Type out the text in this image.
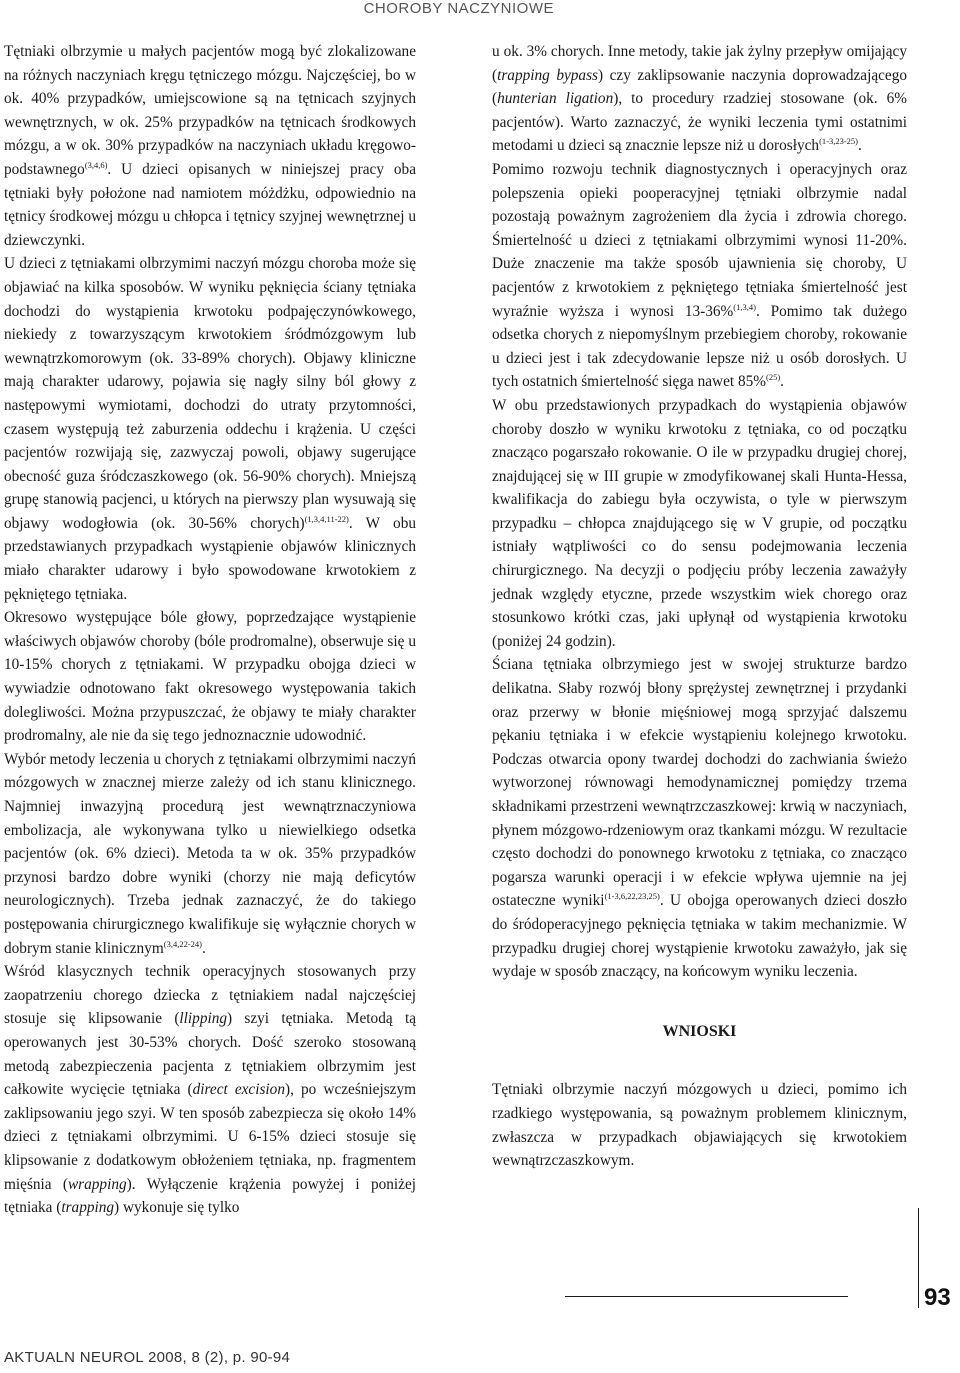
CHOROBY NACZYNIOWE

Tętniaki olbrzymie u małych pacjentów mogą być zlokalizowane na różnych naczyniach kręgu tętniczego mózgu. Najczęściej, bo w ok. 40% przypadków, umiejscowione są na tętnicach szyjnych wewnętrznych, w ok. 25% przypadków na tętnicach środkowych mózgu, a w ok. 30% przypadków na naczyniach układu kręgowo-podstawnego$^{(3,4,6)}$. U dzieci opisanych w niniejszej pracy oba tętniaki były położone nad namiotem móżdżku, odpowiednio na tętnicy środkowej mózgu u chłopca i tętnicy szyjnej wewnętrznej u dziewczynki.

U dzieci z tętniakami olbrzymimi naczyń mózgu choroba może się objawiać na kilka sposobów. W wyniku pęknięcia ściany tętniaka dochodzi do wystąpienia krwotoku podpajęczynówkowego, niekiedy z towarzyszącym krwotokiem śródmózgowym lub wewnątrzkomorowym (ok. 33-89% chorych). Objawy kliniczne mają charakter udarowy, pojawia się nagły silny ból głowy z następowymi wymiotami, dochodzi do utraty przytomności, czasem występują też zaburzenia oddechu i krążenia. U części pacjentów rozwijają się, zazwyczaj powoli, objawy sugerujące obecność guza śródczaszkowego (ok. 56-90% chorych). Mniejszą grupę stanowią pacjenci, u których na pierwszy plan wysuwają się objawy wodogłowia (ok. 30-56% chorych)$^{(1,3,4,11-22)}$. W obu przedstawianych przypadkach wystąpienie objawów klinicznych miało charakter udarowy i było spowodowane krwotokiem z pękniętego tętniaka.

Okresowo występujące bóle głowy, poprzedzające wystąpienie właściwych objawów choroby (bóle prodromalne), obserwuje się u 10-15% chorych z tętniakami. W przypadku obojga dzieci w wywiadzie odnotowano fakt okresowego występowania takich dolegliwości. Można przypuszczać, że objawy te miały charakter prodromalny, ale nie da się tego jednoznacznie udowodnić.

Wybór metody leczenia u chorych z tętniakami olbrzymimi naczyń mózgowych w znacznej mierze zależy od ich stanu klinicznego. Najmniej inwazyjną procedurą jest wewnątrznaczyniowa embolizacja, ale wykonywana tylko u niewielkiego odsetka pacjentów (ok. 6% dzieci). Metoda ta w ok. 35% przypadków przynosi bardzo dobre wyniki (chorzy nie mają deficytów neurologicznych). Trzeba jednak zaznaczyć, że do takiego postępowania chirurgicznego kwalifikuje się wyłącznie chorych w dobrym stanie klinicznym$^{(3,4,22-24)}$.

Wśród klasycznych technik operacyjnych stosowanych przy zaopatrzeniu chorego dziecka z tętniakiem nadal najczęściej stosuje się klipsowanie (llipping) szyi tętniaka. Metodą tą operowanych jest 30-53% chorych. Dość szeroko stosowaną metodą zabezpieczenia pacjenta z tętniakiem olbrzymim jest całkowite wycięcie tętniaka (direct excision), po wcześniejszym zaklipsowaniu jego szyi. W ten sposób zabezpiecza się około 14% dzieci z tętniakami olbrzymimi. U 6-15% dzieci stosuje się klipsowanie z dodatkowym obłożeniem tętniaka, np. fragmentem mięśnia (wrapping). Wyłączenie krążenia powyżej i poniżej tętniaka (trapping) wykonuje się tylko

u ok. 3% chorych. Inne metody, takie jak żylny przepływ omijający (trapping bypass) czy zaklipsowanie naczynia doprowadzającego (hunterian ligation), to procedury rzadziej stosowane (ok. 6% pacjentów). Warto zaznaczyć, że wyniki leczenia tymi ostatnimi metodami u dzieci są znacznie lepsze niż u dorosłych$^{(1-3,23-25)}$.

Pomimo rozwoju technik diagnostycznych i operacyjnych oraz polepszenia opieki pooperacyjnej tętniaki olbrzymie nadal pozostają poważnym zagrożeniem dla życia i zdrowia chorego. Śmiertelność u dzieci z tętniakami olbrzymimi wynosi 11-20%. Duże znaczenie ma także sposób ujawnienia się choroby, U pacjentów z krwotokiem z pękniętego tętniaka śmiertelność jest wyraźnie wyższa i wynosi 13-36%$^{(1,3,4)}$. Pomimo tak dużego odsetka chorych z niepomyślnym przebiegiem choroby, rokowanie u dzieci jest i tak zdecydowanie lepsze niż u osób dorosłych. U tych ostatnich śmiertelność sięga nawet 85%$^{(25)}$.

W obu przedstawionych przypadkach do wystąpienia objawów choroby doszło w wyniku krwotoku z tętniaka, co od początku znacząco pogarszało rokowanie. O ile w przypadku drugiej chorej, znajdującej się w III grupie w zmodyfikowanej skali Hunta-Hessa, kwalifikacja do zabiegu była oczywista, o tyle w pierwszym przypadku – chłopca znajdującego się w V grupie, od początku istniały wątpliwości co do sensu podejmowania leczenia chirurgicznego. Na decyzji o podjęciu próby leczenia zaważyły jednak względy etyczne, przede wszystkim wiek chorego oraz stosunkowo krótki czas, jaki upłynął od wystąpienia krwotoku (poniżej 24 godzin).

Ściana tętniaka olbrzymiego jest w swojej strukturze bardzo delikatna. Słaby rozwój błony sprężystej zewnętrznej i przydanki oraz przerwy w błonie mięśniowej mogą sprzyjać dalszemu pękaniu tętniaka i w efekcie wystąpieniu kolejnego krwotoku. Podczas otwarcia opony twardej dochodzi do zachwiania świeżo wytworzonej równowagi hemodynamicznej pomiędzy trzema składnikami przestrzeni wewnątrzczaszkowej: krwią w naczyniach, płynem mózgowo-rdzeniowym oraz tkankami mózgu. W rezultacie często dochodzi do ponownego krwotoku z tętniaka, co znacząco pogarsza warunki operacji i w efekcie wpływa ujemnie na jej ostateczne wyniki$^{(1-3,6,22,23,25)}$. U obojga operowanych dzieci doszło do śródoperacyjnego pęknięcia tętniaka w takim mechanizmie. W przypadku drugiej chorej wystąpienie krwotoku zaważyło, jak się wydaje w sposób znaczący, na końcowym wyniku leczenia.

WNIOSKI

Tętniaki olbrzymie naczyń mózgowych u dzieci, pomimo ich rzadkiego występowania, są poważnym problemem klinicznym, zwłaszcza w przypadkach objawiających się krwotokiem wewnątrzczaszkowym.

93
AKTUALN NEUROL 2008, 8 (2), p. 90-94
